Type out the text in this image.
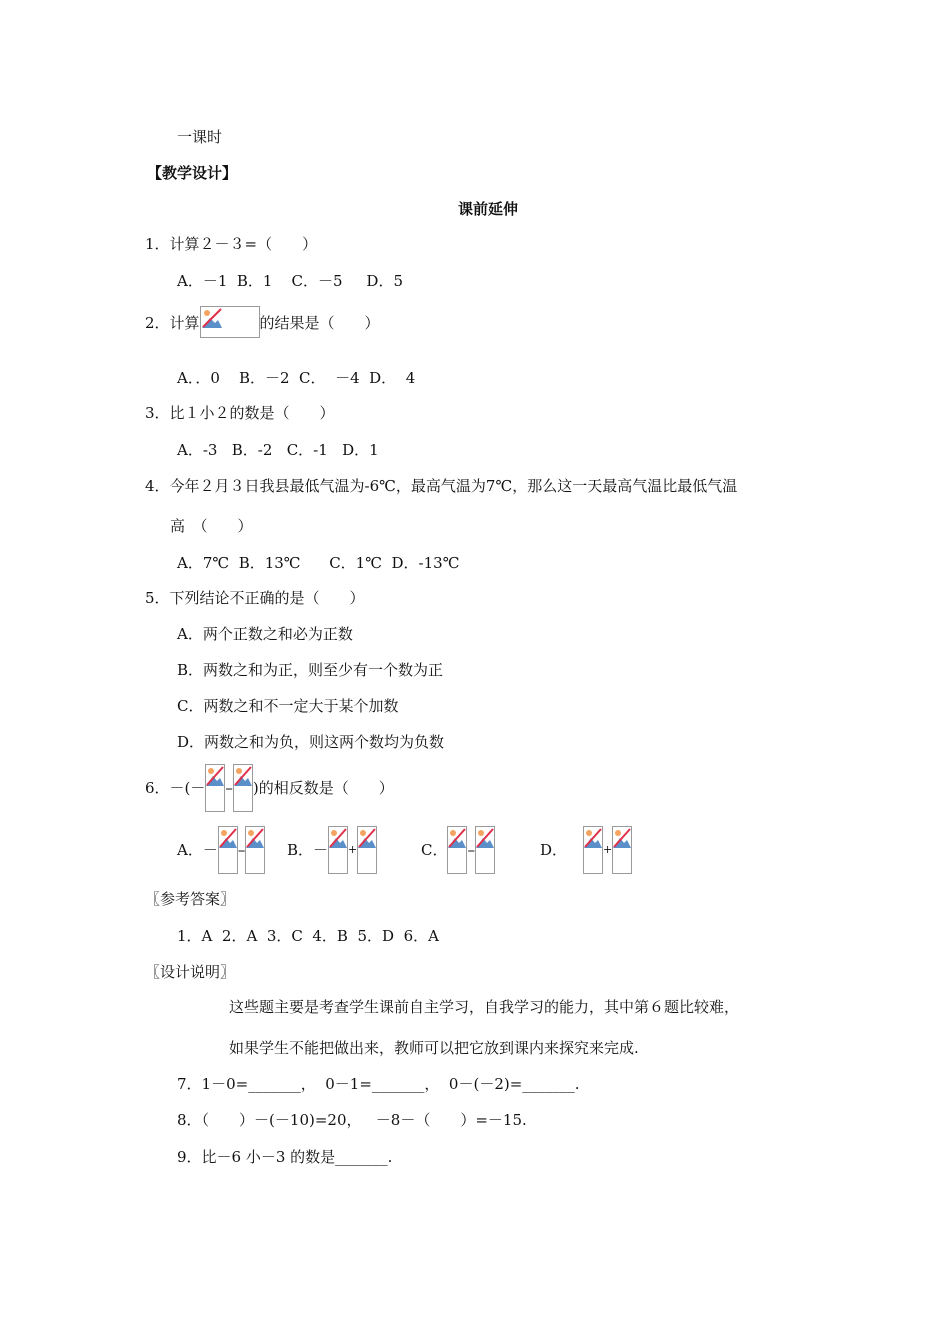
一课时
【教学设计】
课前延伸
1．计算２－３=（　　）
A．－1  B．1    C．－5     D．5
2．计算	的结果是（　　）
A．．0    B．－2  C．  －4  D．  4
3．比１小２的数是（　　）
A．-3   B．-2   C．-1   D．1
4．今年２月３日我县最低气温为-6℃，最高气温为7℃，那么这一天最高气温比最低气温
高　（　　）
A．7℃  B．13℃      C．1℃  D．-13℃
5．下列结论不正确的是（　　）
A．两个正数之和必为正数
B．两数之和为正，则至少有一个数为正
C．两数之和不一定大于某个加数
D．两数之和为负，则这两个数均为负数
6．－(－ – )的相反数是（　　）
A．－ –	B．－ +	C． –	D．	+
〖参考答案〗
1．A  2．A  3．C  4．B  5．D  6．A
〖设计说明〗
这些题主要是考查学生课前自主学习，自我学习的能力，其中第６题比较难，
如果学生不能把做出来，教师可以把它放到课内来探究来完成.
7．1－0=_______，  0－1=_______，  0－(－2)=_______.
8．（　　）－(－10)=20，   －8－（　　）=－15.
9．比－6 小－3 的数是_______.
